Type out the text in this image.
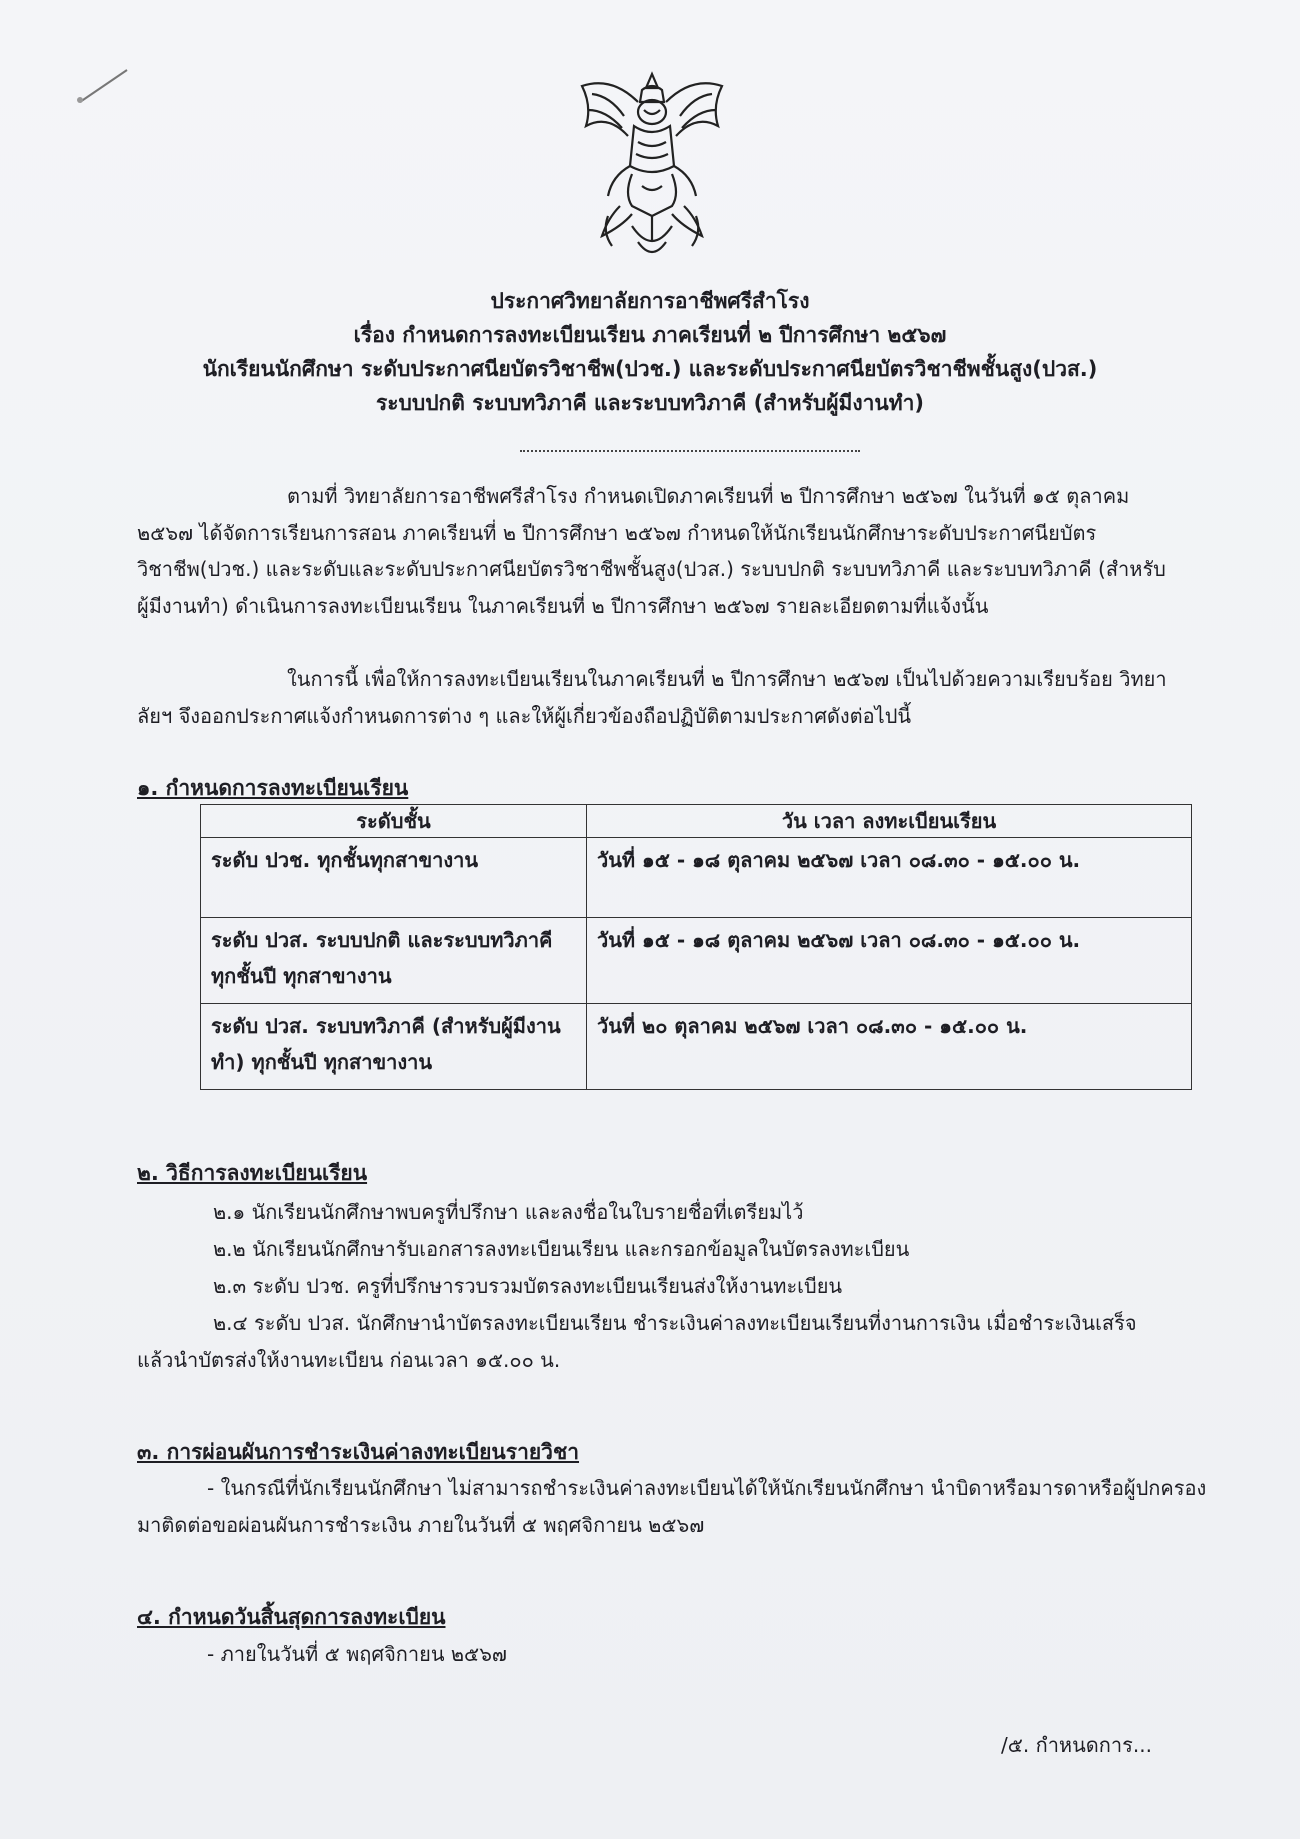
ประกาศวิทยาลัยการอาชีพศรีสำโรง
เรื่อง กำหนดการลงทะเบียนเรียน ภาคเรียนที่ ๒ ปีการศึกษา ๒๕๖๗
นักเรียนนักศึกษา ระดับประกาศนียบัตรวิชาชีพ(ปวช.) และระดับประกาศนียบัตรวิชาชีพชั้นสูง(ปวส.)
ระบบปกติ ระบบทวิภาคี และระบบทวิภาคี (สำหรับผู้มีงานทำ)

ตามที่ วิทยาลัยการอาชีพศรีสำโรง กำหนดเปิดภาคเรียนที่ ๒ ปีการศึกษา ๒๕๖๗ ในวันที่ ๑๕ ตุลาคม ๒๕๖๗ ได้จัดการเรียนการสอน ภาคเรียนที่ ๒ ปีการศึกษา ๒๕๖๗ กำหนดให้นักเรียนนักศึกษาระดับประกาศนียบัตรวิชาชีพ(ปวช.) และระดับและระดับประกาศนียบัตรวิชาชีพชั้นสูง(ปวส.) ระบบปกติ ระบบทวิภาคี และระบบทวิภาคี (สำหรับผู้มีงานทำ) ดำเนินการลงทะเบียนเรียน ในภาคเรียนที่ ๒ ปีการศึกษา ๒๕๖๗ รายละเอียดตามที่แจ้งนั้น

ในการนี้ เพื่อให้การลงทะเบียนเรียนในภาคเรียนที่ ๒ ปีการศึกษา ๒๕๖๗ เป็นไปด้วยความเรียบร้อย วิทยาลัยฯ จึงออกประกาศแจ้งกำหนดการต่าง ๆ และให้ผู้เกี่ยวข้องถือปฏิบัติตามประกาศดังต่อไปนี้

๑. กำหนดการลงทะเบียนเรียน
ระดับชั้น	วัน เวลา ลงทะเบียนเรียน
ระดับ ปวช. ทุกชั้นทุกสาขางาน	วันที่ ๑๕ - ๑๘ ตุลาคม ๒๕๖๗ เวลา ๐๘.๓๐ - ๑๕.๐๐ น.
ระดับ ปวส. ระบบปกติ และระบบทวิภาคี ทุกชั้นปี ทุกสาขางาน	วันที่ ๑๕ - ๑๘ ตุลาคม ๒๕๖๗ เวลา ๐๘.๓๐ - ๑๕.๐๐ น.
ระดับ ปวส. ระบบทวิภาคี (สำหรับผู้มีงานทำ) ทุกชั้นปี ทุกสาขางาน	วันที่ ๒๐ ตุลาคม ๒๕๖๗ เวลา ๐๘.๓๐ - ๑๕.๐๐ น.
๒. วิธีการลงทะเบียนเรียน
๒.๑ นักเรียนนักศึกษาพบครูที่ปรึกษา และลงชื่อในใบรายชื่อที่เตรียมไว้
๒.๒ นักเรียนนักศึกษารับเอกสารลงทะเบียนเรียน และกรอกข้อมูลในบัตรลงทะเบียน
๒.๓ ระดับ ปวช. ครูที่ปรึกษารวบรวมบัตรลงทะเบียนเรียนส่งให้งานทะเบียน
๒.๔ ระดับ ปวส. นักศึกษานำบัตรลงทะเบียนเรียน ชำระเงินค่าลงทะเบียนเรียนที่งานการเงิน เมื่อชำระเงินเสร็จ
แล้วนำบัตรส่งให้งานทะเบียน ก่อนเวลา ๑๕.๐๐ น.
๓. การผ่อนผันการชำระเงินค่าลงทะเบียนรายวิชา

- ในกรณีที่นักเรียนนักศึกษา ไม่สามารถชำระเงินค่าลงทะเบียนได้ให้นักเรียนนักศึกษา นำบิดาหรือมารดาหรือผู้ปกครอง มาติดต่อขอผ่อนผันการชำระเงิน ภายในวันที่ ๕ พฤศจิกายน ๒๕๖๗

๔. กำหนดวันสิ้นสุดการลงทะเบียน
- ภายในวันที่ ๕ พฤศจิกายน ๒๕๖๗
/๕. กำหนดการ...
